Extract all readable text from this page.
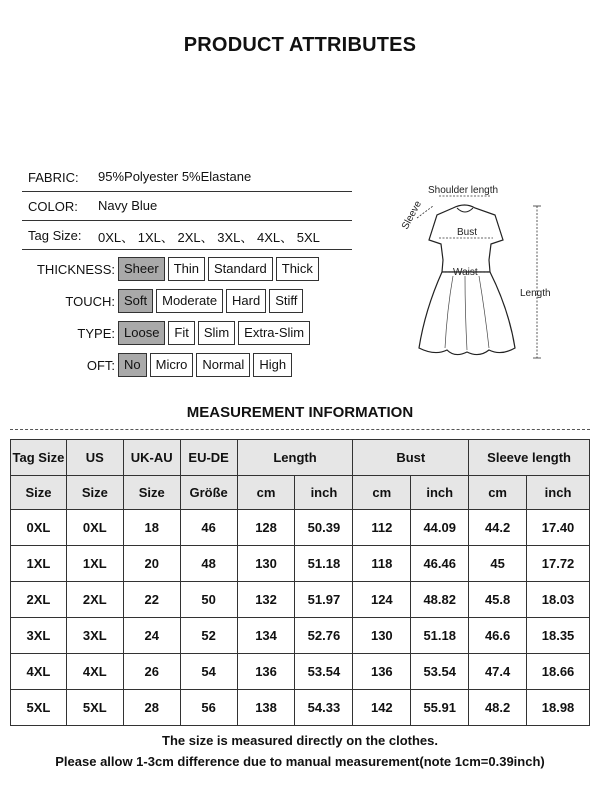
PRODUCT ATTRIBUTES
FABRIC: 95%Polyester 5%Elastane
COLOR: Navy Blue
Tag Size: 0XL、 1XL、 2XL、 3XL、 4XL、 5XL
THICKNESS: Sheer	Thin	Standard	Thick
TOUCH: Soft	Moderate	Hard	Stiff
TYPE: Loose	Fit	Slim	Extra-Slim
OFT: No	Micro	Normal	High
Shoulder length
Sleeve
Bust
Waist
Length
MEASUREMENT INFORMATION
Tag Size	US	UK-AU	EU-DE	Length		Bust		Sleeve length	
Size	Size	Size	Größe	cm	inch	cm	inch	cm	inch
0XL	0XL	18	46	128	50.39	112	44.09	44.2	17.40
1XL	1XL	20	48	130	51.18	118	46.46	45	17.72
2XL	2XL	22	50	132	51.97	124	48.82	45.8	18.03
3XL	3XL	24	52	134	52.76	130	51.18	46.6	18.35
4XL	4XL	26	54	136	53.54	136	53.54	47.4	18.66
5XL	5XL	28	56	138	54.33	142	55.91	48.2	18.98
The size is measured directly on the clothes.
Please allow 1-3cm difference due to manual measurement(note 1cm=0.39inch)
